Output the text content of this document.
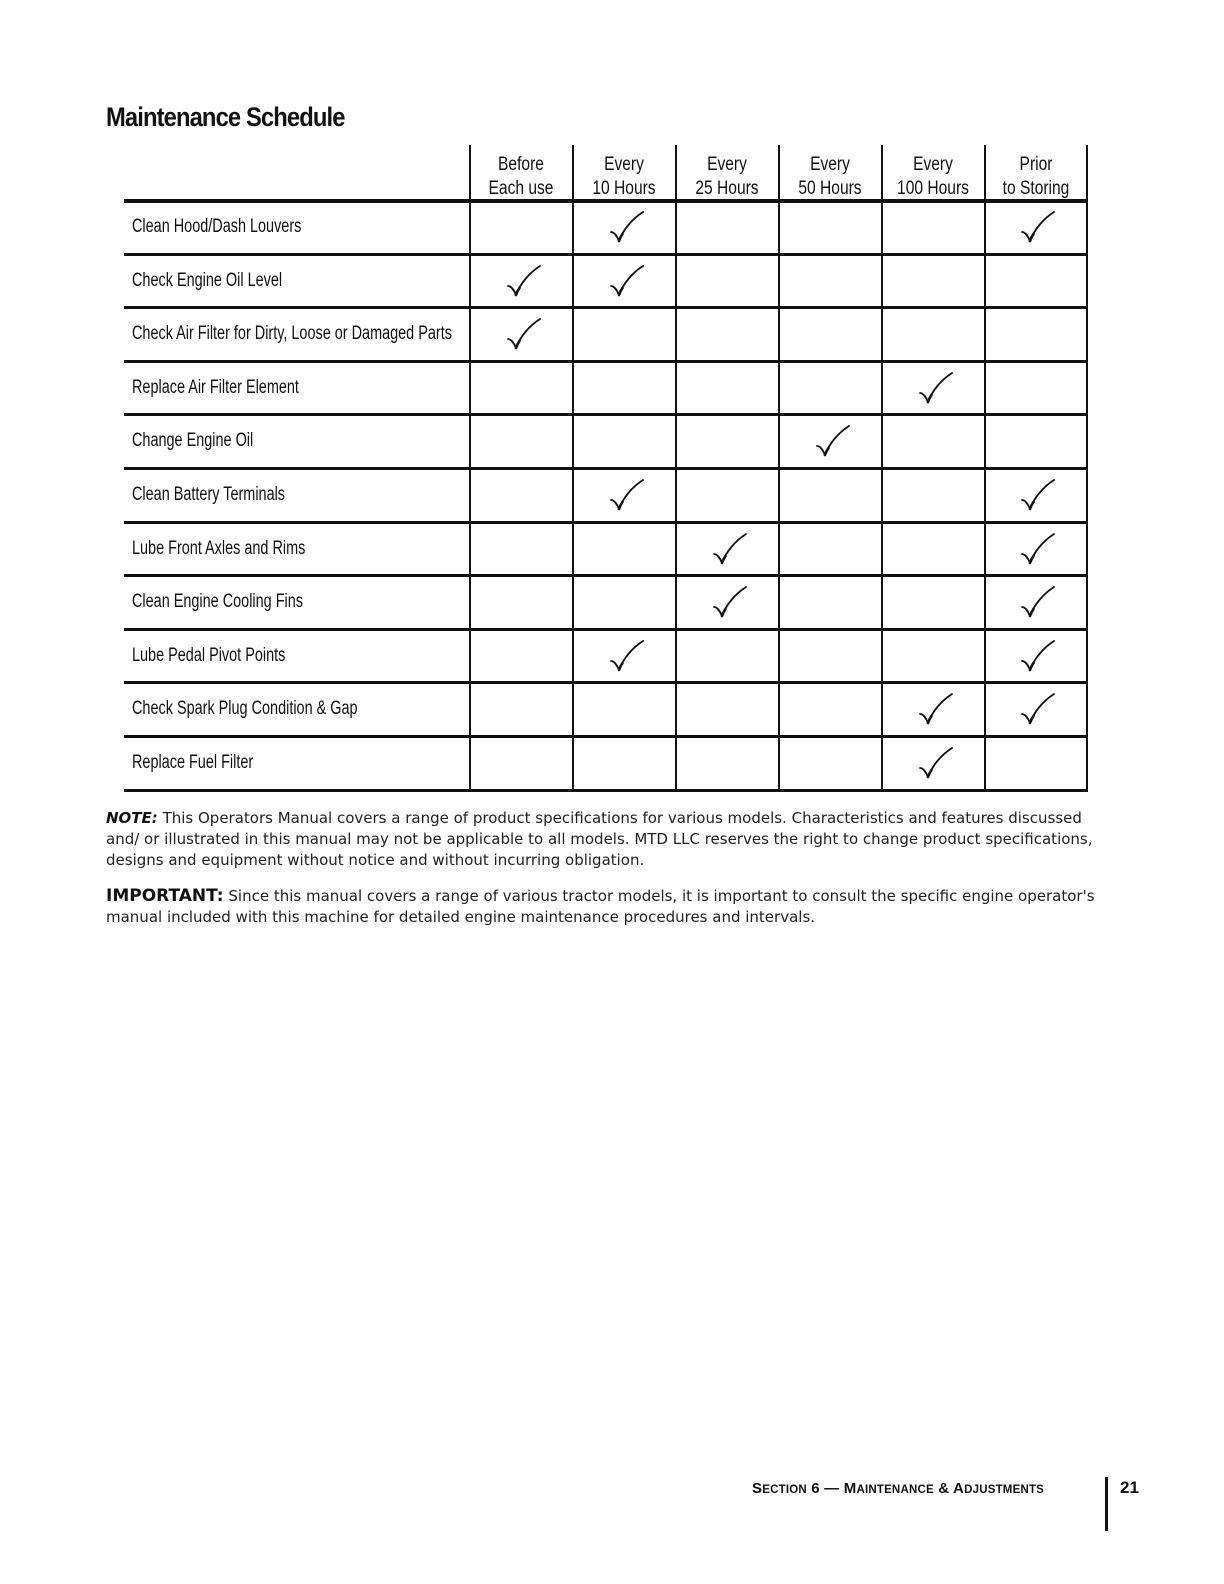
Maintenance Schedule
Before
Each use
Every
10 Hours
Every
25 Hours
Every
50 Hours
Every
100 Hours
Prior
to Storing
Clean Hood/Dash Louvers
Check Engine Oil Level
Check Air Filter for Dirty, Loose or Damaged Parts
Replace Air Filter Element
Change Engine Oil
Clean Battery Terminals
Lube Front Axles and Rims
Clean Engine Cooling Fins
Lube Pedal Pivot Points
Check Spark Plug Condition & Gap
Replace Fuel Filter
NOTE: This Operators Manual covers a range of product specifications for various models. Characteristics and features discussed and/ or illustrated in this manual may not be applicable to all models. MTD LLC reserves the right to change product specifications, designs and equipment without notice and without incurring obligation.
IMPORTANT: Since this manual covers a range of various tractor models, it is important to consult the specific engine operator's manual included with this machine for detailed engine maintenance procedures and intervals.
SECTION 6 — MAINTENANCE & ADJUSTMENTS	21
